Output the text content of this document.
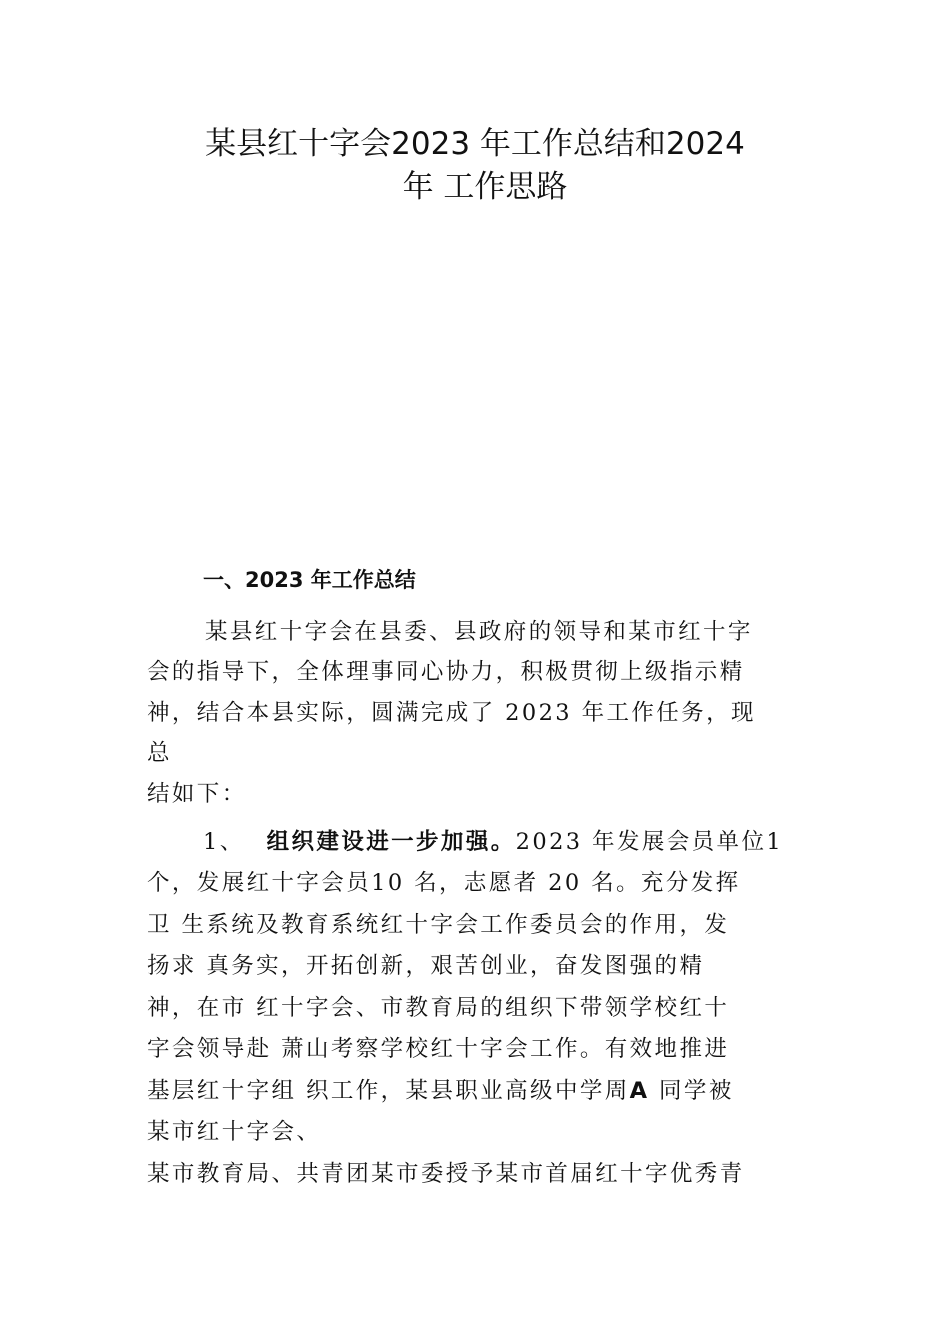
某县红十字会2023 年工作总结和2024
年 工作思路
一、2023 年工作总结
某县红十字会在县委、县政府的领导和某市红十字
会的指导下，全体理事同心协力，积极贯彻上级指示精
神，结合本县实际，圆满完成了 2023 年工作任务，现
总
结如下：
1、 组织建设进一步加强。2023 年发展会员单位1
个，发展红十字会员10 名，志愿者 20 名。充分发挥
卫 生系统及教育系统红十字会工作委员会的作用，发
扬求 真务实，开拓创新，艰苦创业，奋发图强的精
神，在市 红十字会、市教育局的组织下带领学校红十
字会领导赴 萧山考察学校红十字会工作。有效地推进
基层红十字组 织工作，某县职业高级中学周A 同学被
某市红十字会、
某市教育局、共青团某市委授予某市首届红十字优秀青
